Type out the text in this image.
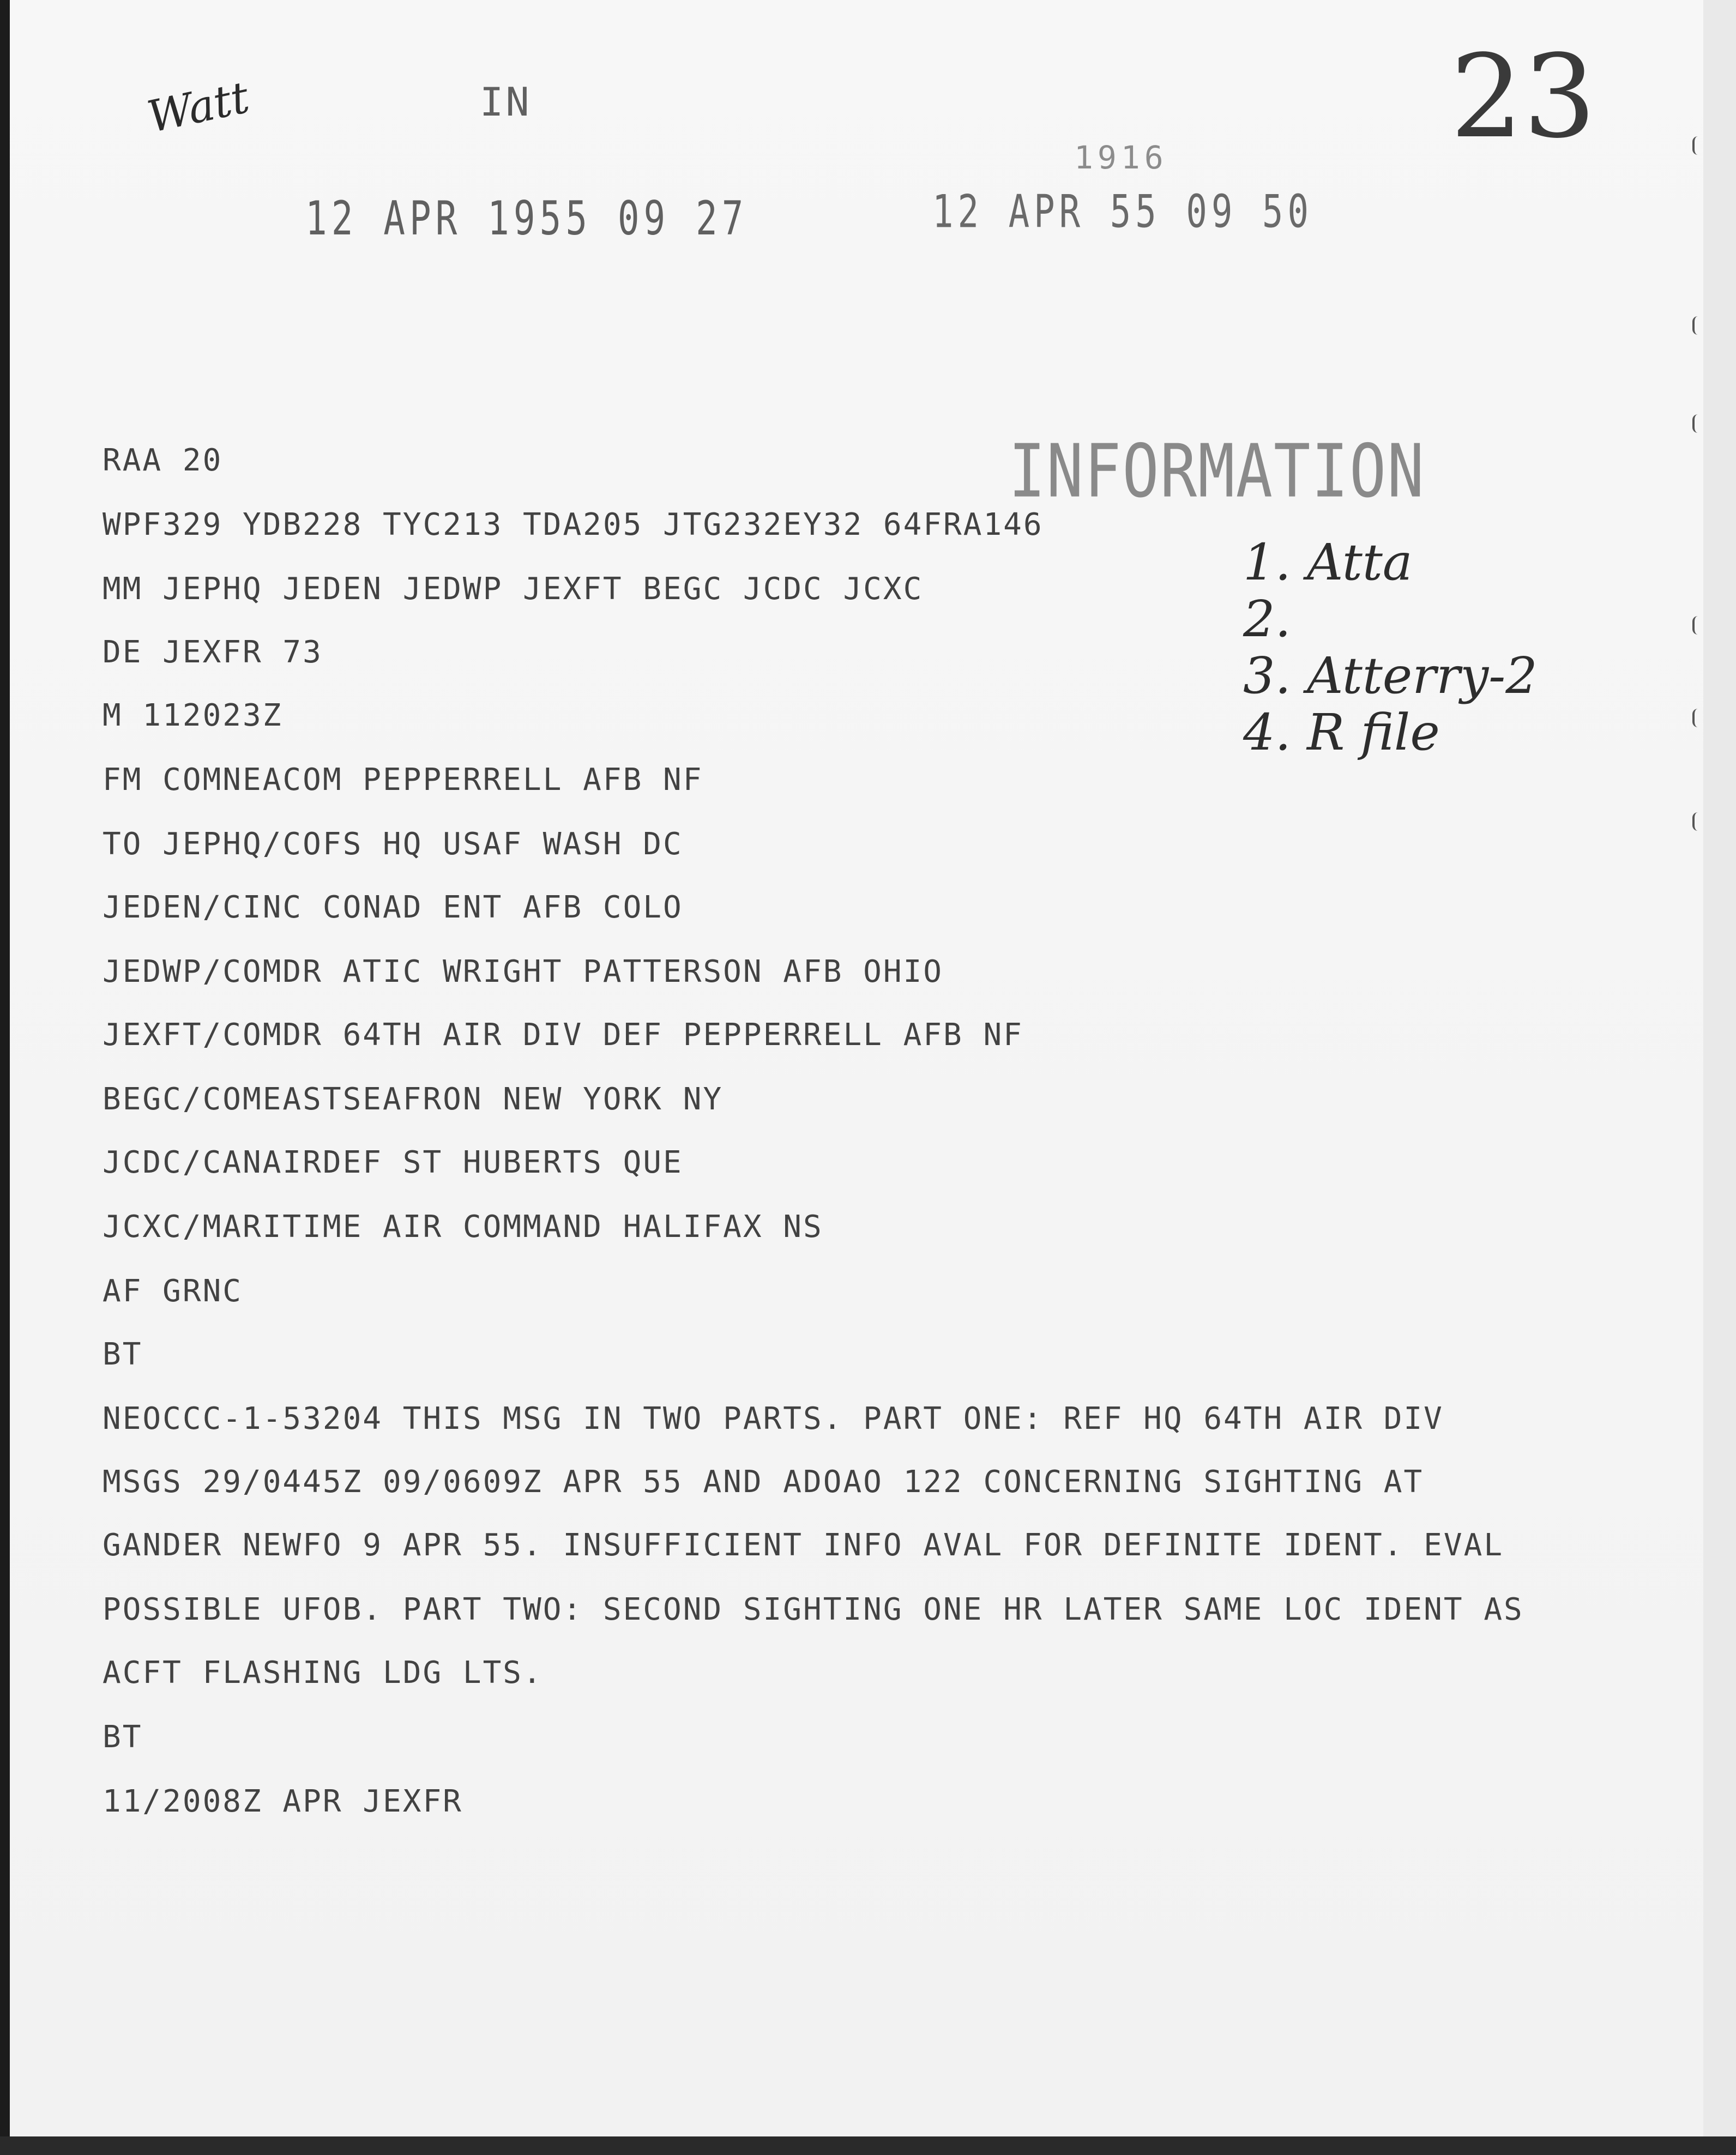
Watt	IN	23
12 APR 1955 09 27
1916
12 APR 55 09 50
INFORMATION
1. Atta
2.
3. Atterry-2
4. R file

RAA 20

WPF329 YDB228 TYC213 TDA205 JTG232EY32 64FRA146

MM JEPHQ JEDEN JEDWP JEXFT BEGC JCDC JCXC

DE JEXFR 73

M 112023Z

FM COMNEACOM PEPPERRELL AFB NF

TO JEPHQ/COFS HQ USAF WASH DC

JEDEN/CINC CONAD ENT AFB COLO

JEDWP/COMDR ATIC WRIGHT PATTERSON AFB OHIO

JEXFT/COMDR 64TH AIR DIV DEF PEPPERRELL AFB NF

BEGC/COMEASTSEAFRON NEW YORK NY

JCDC/CANAIRDEF ST HUBERTS QUE

JCXC/MARITIME AIR COMMAND HALIFAX NS

AF GRNC

BT

NEOCCC-1-53204 THIS MSG IN TWO PARTS. PART ONE: REF HQ 64TH AIR DIV

MSGS 29/0445Z 09/0609Z APR 55 AND ADOAO 122 CONCERNING SIGHTING AT

GANDER NEWFO 9 APR 55. INSUFFICIENT INFO AVAL FOR DEFINITE IDENT. EVAL

POSSIBLE UFOB. PART TWO: SECOND SIGHTING ONE HR LATER SAME LOC IDENT AS

ACFT FLASHING LDG LTS.

BT

11/2008Z APR JEXFR
